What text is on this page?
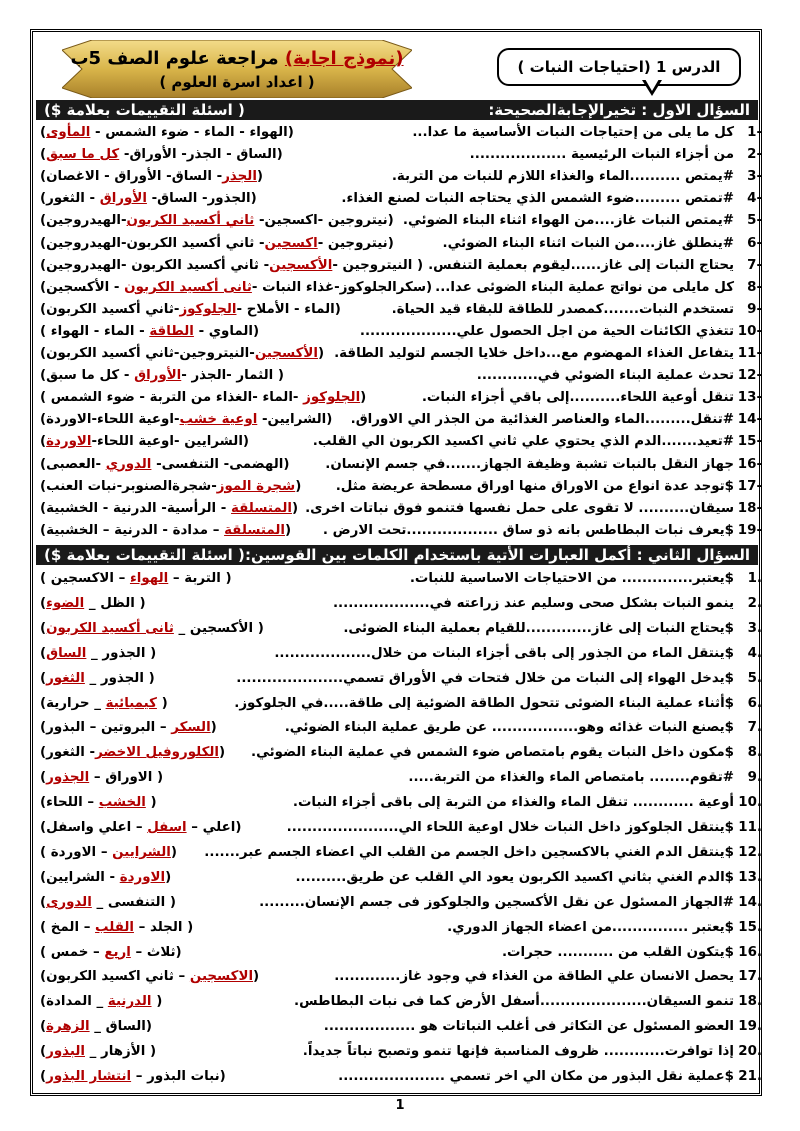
(نموذج اجابة) مراجعة علوم الصف 5ب
( اعداد اسرة العلوم )
الدرس 1 (احتياجات النبات )
السؤال الاول : تخيرالإجابةالصحيحة:
( اسئلة التقييمات بعلامة $)
-1كل ما يلى من إحتياجات النبات الأساسية ما عدا...
(الهواء - الماء - ضوء الشمس - المأوى)
-2من أجزاء النبات الرئيسية ...................
(الساق - الجذر- الأوراق- كل ما سبق)
-3#يمتص ..........الماء والغذاء اللازم للنبات من التربة.
(الجذر- الساق- الأوراق - الاغصان)
-4#تمتص .........ضوء الشمس الذي يحتاجه النبات لصنع الغذاء.
(الجذور- الساق- الأوراق - الثغور)
-5#يمتص النبات غاز....من الهواء اثناء البناء الضوئي.
(نيتروجين -اكسجين- ثاني أكسيد الكربون-الهيدروجين)
-6#ينطلق غاز....من النبات اثناء البناء الضوئي.
(نيتروجين -اكسجين- ثاني أكسيد الكربون-الهيدروجين)
-7يحتاج النبات إلى غاز......ليقوم بعملية التنفس.
( النيتروجين -الأكسجين- ثاني أكسيد الكربون -الهيدروجين)
-8كل مايلى من نواتج عملية البناء الضوئى عدا...
(سكرالجلوكوز-غذاء النبات -ثانى أكسيد الكربون - الأكسجين)
-9تستخدم النبات.......كمصدر للطاقة للبقاء قيد الحياة.
(الماء - الأملاح -الجلوكوز-ثاني أكسيد الكربون)
-10تتغذي الكائنات الحية من اجل الحصول علي...................
(الماوي - الطاقة - الماء - الهواء )
-11يتفاعل الغذاء المهضوم مع...داخل خلايا الجسم لتوليد الطاقة.
(الأكسجين-النيتروجين-ثاني أكسيد الكربون)
-12تحدث عملية البناء الضوئي في............
( الثمار -الجذر -الأوراق - كل ما سبق)
-13تنقل أوعية اللحاء..........إلى باقي أجزاء النبات.
(الجلوكوز -الماء -الغذاء من التربة - ضوء الشمس )
-14#تنقل.........الماء والعناصر الغذائية من الجذر الي الاوراق.
(الشرايين- اوعية خشب-اوعية اللحاء-الاوردة)
-15#تعيد.......الدم الذي يحتوي علي ثاني اكسيد الكربون الي القلب.
(الشرايين -اوعية اللحاء-الاوردة)
-16جهاز النقل بالنبات تشبة وظيفة الجهاز.......في جسم الإنسان.
(الهضمى- التنفسى- الدوري -العصبى)
-17$توجد عدة انواع من الاوراق منها اوراق مسطحة عريضة مثل.
(شجرة الموز-شجرةالصنوبر-نبات العنب)
-18سيقان.......... لا تقوى على حمل نفسها فتنمو فوق نباتات اخرى.
(المتسلقة - الرأسية- الدرنية - الخشبية)
-19$يعرف نبات البطاطس بانه ذو ساق ..................تحت الارض .
(المتسلقة – مدادة - الدرنية – الخشبية)
السؤال الثاني : أكمل العبارات الأتية باستخدام الكلمات بين القوسين:
( اسئلة التقييمات بعلامة $)
.1$يعتبر.............. من الاحتياجات الاساسية للنبات.
( التربة – الهواء – الاكسجين )
.2ينمو النبات بشكل صحى وسليم عند زراعته في...................
( الظل _ الضوء)
.3$يحتاج النبات إلى غاز.............للقيام بعملية البناء الضوئى.
( الأكسجين _ ثانى أكسيد الكربون)
.4$ينتقل الماء من الجذور إلى باقى أجزاء البنات من خلال...................
( الجذور _ الساق)
.5$يدخل الهواء إلى النبات من خلال فتحات في الأوراق تسمي.....................
( الجذور _ الثغور)
.6$أثناء عملية البناء الضوئى تتحول الطاقة الضوئية إلى طاقة.....في الجلوكوز.
( كيميائية _ حرارية)
.7$يصنع النبات غذائه وهو................. عن طريق عملية البناء الضوئي.
(السكر – البروتين – البذور)
.8$مكون داخل النبات يقوم بامتصاص ضوء الشمس في عملية البناء الضوئي.
(الكلوروفيل الاخضر- الثغور)
.9#تقوم........ بامتصاص الماء والغذاء من التربة.....
( الاوراق – الجذور)
.10أوعية ............ تنقل الماء والغذاء من التربة إلى باقى أجزاء النبات.
( الخشب – اللحاء)
.11$ينتقل الجلوكوز داخل النبات خلال اوعية اللحاء الي......................
(اعلي – اسفل – اعلي واسفل)
.12$ينتقل الدم الغني بالاكسجين داخل الجسم من القلب الي اعضاء الجسم عبر.......
(الشرايين – الاوردة )
.13$الدم الغني بثاني اكسيد الكربون يعود الي القلب عن طريق..........
(الاوردة - الشرايين)
.14#الجهاز المسئول عن نقل الأكسجين والجلوكوز فى جسم الإنسان.........
( التنفسى _ الدورى)
.15$يعتبر ...............من اعضاء الجهاز الدوري.
( الجلد – القلب – المخ )
.16$يتكون القلب من ........... حجرات.
(ثلاث – اربع – خمس )
.17يحصل الانسان علي الطاقة من الغذاء في وجود غاز.............
(الاكسجين – ثاني اكسيد الكربون)
.18تنمو السيقان.....................أسفل الأرض كما فى نبات البطاطس.
( الدرنية _ المدادة)
.19العضو المسئول عن التكاثر فى أغلب النباتات هو ..................
(الساق _ الزهرة)
.20إذا توافرت............ ظروف المناسبة فإنها تنمو وتصبح نباتاً جديداً.
( الأزهار _ البذور)
.21$عملية نقل البذور من مكان الي اخر تسمي .....................
(نبات البذور – انتشار البذور)
1
